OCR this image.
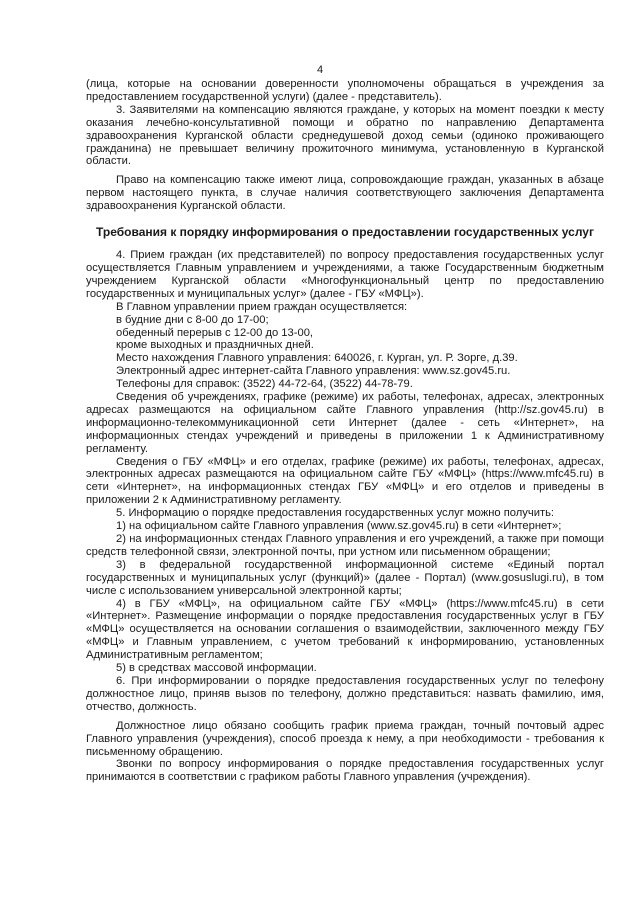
4

(лица, которые на основании доверенности уполномочены обращаться в учреждения за предоставлением государственной услуги) (далее - представитель).

3. Заявителями на компенсацию являются граждане, у которых на момент поездки к месту оказания лечебно-консультативной помощи и обратно по направлению Департамента здравоохранения Курганской области среднедушевой доход семьи (одиноко проживающего гражданина) не превышает величину прожиточного минимума, установленную в Курганской области.

Право на компенсацию также имеют лица, сопровождающие граждан, указанных в абзаце первом настоящего пункта, в случае наличия соответствующего заключения Департамента здравоохранения Курганской области.

Требования к порядку информирования о предоставлении государственных услуг

4. Прием граждан (их представителей) по вопросу предоставления государственных услуг осуществляется Главным управлением и учреждениями, а также Государственным бюджетным учреждением Курганской области «Многофункциональный центр по предоставлению государственных и муниципальных услуг» (далее - ГБУ «МФЦ»).

В Главном управлении прием граждан осуществляется:

в будние дни с 8-00 до 17-00;

обеденный перерыв с 12-00 до 13-00,

кроме выходных и праздничных дней.

Место нахождения Главного управления: 640026, г. Курган, ул. Р. Зорге, д.39.

Электронный адрес интернет-сайта Главного управления: www.sz.gov45.ru.

Телефоны для справок: (3522) 44-72-64, (3522) 44-78-79.

Сведения об учреждениях, графике (режиме) их работы, телефонах, адресах, электронных адресах размещаются на официальном сайте Главного управления (http://sz.gov45.ru) в информационно-телекоммуникационной сети Интернет (далее - сеть «Интернет», на информационных стендах учреждений и приведены в приложении 1 к Административному регламенту.

Сведения о ГБУ «МФЦ» и его отделах, графике (режиме) их работы, телефонах, адресах, электронных адресах размещаются на официальном сайте ГБУ «МФЦ» (https://www.mfc45.ru) в сети «Интернет», на информационных стендах ГБУ «МФЦ» и его отделов и приведены в приложении 2 к Административному регламенту.

5. Информацию о порядке предоставления государственных услуг можно получить:

1) на официальном сайте Главного управления (www.sz.gov45.ru) в сети «Интернет»;

2) на информационных стендах Главного управления и его учреждений, а также при помощи средств телефонной связи, электронной почты, при устном или письменном обращении;

3) в федеральной государственной информационной системе «Единый портал государственных и муниципальных услуг (функций)» (далее - Портал) (www.gosuslugi.ru), в том числе с использованием универсальной электронной карты;

4) в ГБУ «МФЦ», на официальном сайте ГБУ «МФЦ» (https://www.mfc45.ru) в сети «Интернет». Размещение информации о порядке предоставления государственных услуг в ГБУ «МФЦ» осуществляется на основании соглашения о взаимодействии, заключенного между ГБУ «МФЦ» и Главным управлением, с учетом требований к информированию, установленных Административным регламентом;

5) в средствах массовой информации.

6. При информировании о порядке предоставления государственных услуг по телефону должностное лицо, приняв вызов по телефону, должно представиться: назвать фамилию, имя, отчество, должность.

Должностное лицо обязано сообщить график приема граждан, точный почтовый адрес Главного управления (учреждения), способ проезда к нему, а при необходимости - требования к письменному обращению.

Звонки по вопросу информирования о порядке предоставления государственных услуг принимаются в соответствии с графиком работы Главного управления (учреждения).
